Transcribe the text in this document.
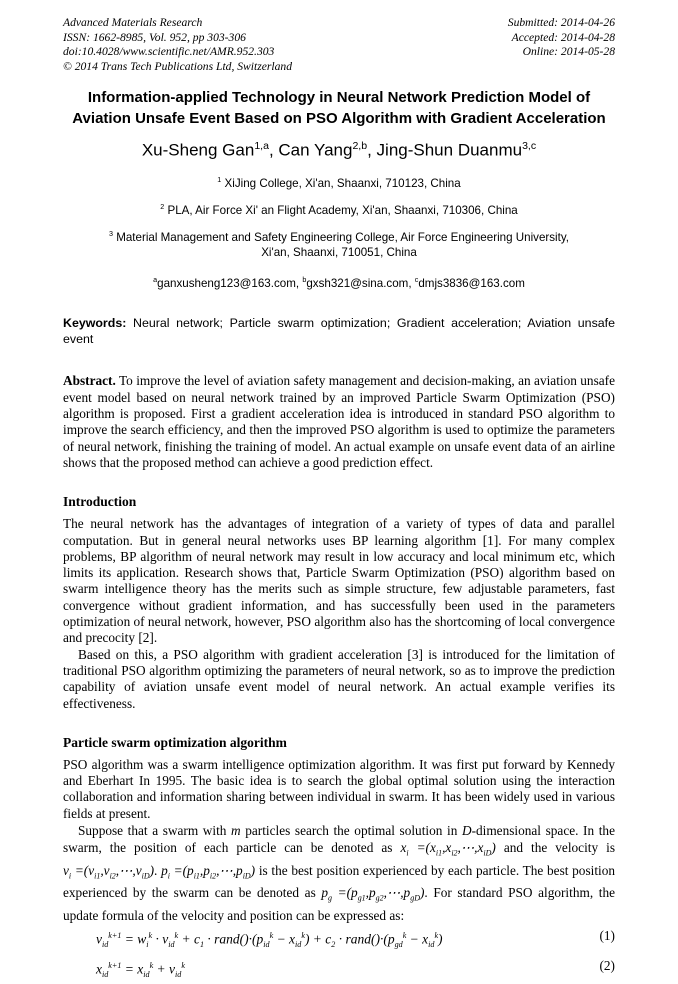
Advanced Materials Research
ISSN: 1662-8985, Vol. 952, pp 303-306
doi:10.4028/www.scientific.net/AMR.952.303
© 2014 Trans Tech Publications Ltd, Switzerland
Submitted: 2014-04-26
Accepted: 2014-04-28
Online: 2014-05-28
Information-applied Technology in Neural Network Prediction Model of Aviation Unsafe Event Based on PSO Algorithm with Gradient Acceleration
Xu-Sheng Gan$^{1,a}$, Can Yang$^{2,b}$, Jing-Shun Duanmu$^{3,c}$
$^1$ XiJing College, Xi'an, Shaanxi, 710123, China
$^2$ PLA, Air Force Xi' an Flight Academy, Xi'an, Shaanxi, 710306, China
$^3$ Material Management and Safety Engineering College, Air Force Engineering University, Xi'an, Shaanxi, 710051, China
$^a$ganxusheng123@163.com, $^b$gxsh321@sina.com, $^c$dmjs3836@163.com
Keywords: Neural network; Particle swarm optimization; Gradient acceleration; Aviation unsafe event

Abstract. To improve the level of aviation safety management and decision-making, an aviation unsafe event model based on neural network trained by an improved Particle Swarm Optimization (PSO) algorithm is proposed. First a gradient acceleration idea is introduced in standard PSO algorithm to improve the search efficiency, and then the improved PSO algorithm is used to optimize the parameters of neural network, finishing the training of model. An actual example on unsafe event data of an airline shows that the proposed method can achieve a good prediction effect.

Introduction

The neural network has the advantages of integration of a variety of types of data and parallel computation. But in general neural networks uses BP learning algorithm [1]. For many complex problems, BP algorithm of neural network may result in low accuracy and local minimum etc, which limits its application. Research shows that, Particle Swarm Optimization (PSO) algorithm based on swarm intelligence theory has the merits such as simple structure, few adjustable parameters, fast convergence without gradient information, and has successfully been used in the parameters optimization of neural network, however, PSO algorithm also has the shortcoming of local convergence and precocity [2].

Based on this, a PSO algorithm with gradient acceleration [3] is introduced for the limitation of traditional PSO algorithm optimizing the parameters of neural network, so as to improve the prediction capability of aviation unsafe event model of neural network. An actual example verifies its effectiveness.

Particle swarm optimization algorithm

PSO algorithm was a swarm intelligence optimization algorithm. It was first put forward by Kennedy and Eberhart In 1995. The basic idea is to search the global optimal solution using the interaction collaboration and information sharing between individual in swarm. It has been widely used in various fields at present.

Suppose that a swarm with m particles search the optimal solution in D-dimensional space. In the swarm, the position of each particle can be denoted as $x_i$ $=(x_{i1},x_{i2},\cdots,x_{iD})$ and the velocity is $v_i$ $=(v_{i1},v_{i2},\cdots,v_{iD})$. $p_i$ $=(p_{i1},p_{i2},\cdots,p_{iD})$ is the best position experienced by each particle. The best position experienced by the swarm can be denoted as $p_g$ $=(p_{g1},p_{g2},\cdots,p_{gD})$. For standard PSO algorithm, the update formula of the velocity and position can be expressed as:

$v_{id}^{k+1} = w_i^k \cdot v_{id}^k + c_1$ · $rand()\cdot(p_{id}^k - x_{id}^k) + c_2$ · $rand()\cdot(p_{gd}^k - x_{id}^k)$	(1)
$x_{id}^{k+1} = x_{id}^k + v_{id}^k$	(2)
